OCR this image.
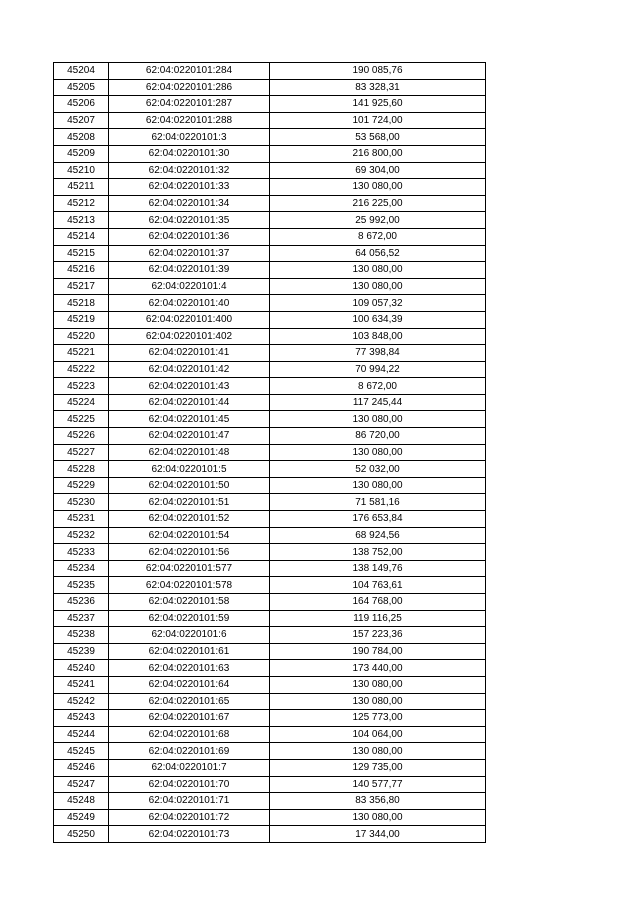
45204	62:04:0220101:284	190 085,76
45205	62:04:0220101:286	83 328,31
45206	62:04:0220101:287	141 925,60
45207	62:04:0220101:288	101 724,00
45208	62:04:0220101:3	53 568,00
45209	62:04:0220101:30	216 800,00
45210	62:04:0220101:32	69 304,00
45211	62:04:0220101:33	130 080,00
45212	62:04:0220101:34	216 225,00
45213	62:04:0220101:35	25 992,00
45214	62:04:0220101:36	8 672,00
45215	62:04:0220101:37	64 056,52
45216	62:04:0220101:39	130 080,00
45217	62:04:0220101:4	130 080,00
45218	62:04:0220101:40	109 057,32
45219	62:04:0220101:400	100 634,39
45220	62:04:0220101:402	103 848,00
45221	62:04:0220101:41	77 398,84
45222	62:04:0220101:42	70 994,22
45223	62:04:0220101:43	8 672,00
45224	62:04:0220101:44	117 245,44
45225	62:04:0220101:45	130 080,00
45226	62:04:0220101:47	86 720,00
45227	62:04:0220101:48	130 080,00
45228	62:04:0220101:5	52 032,00
45229	62:04:0220101:50	130 080,00
45230	62:04:0220101:51	71 581,16
45231	62:04:0220101:52	176 653,84
45232	62:04:0220101:54	68 924,56
45233	62:04:0220101:56	138 752,00
45234	62:04:0220101:577	138 149,76
45235	62:04:0220101:578	104 763,61
45236	62:04:0220101:58	164 768,00
45237	62:04:0220101:59	119 116,25
45238	62:04:0220101:6	157 223,36
45239	62:04:0220101:61	190 784,00
45240	62:04:0220101:63	173 440,00
45241	62:04:0220101:64	130 080,00
45242	62:04:0220101:65	130 080,00
45243	62:04:0220101:67	125 773,00
45244	62:04:0220101:68	104 064,00
45245	62:04:0220101:69	130 080,00
45246	62:04:0220101:7	129 735,00
45247	62:04:0220101:70	140 577,77
45248	62:04:0220101:71	83 356,80
45249	62:04:0220101:72	130 080,00
45250	62:04:0220101:73	17 344,00
